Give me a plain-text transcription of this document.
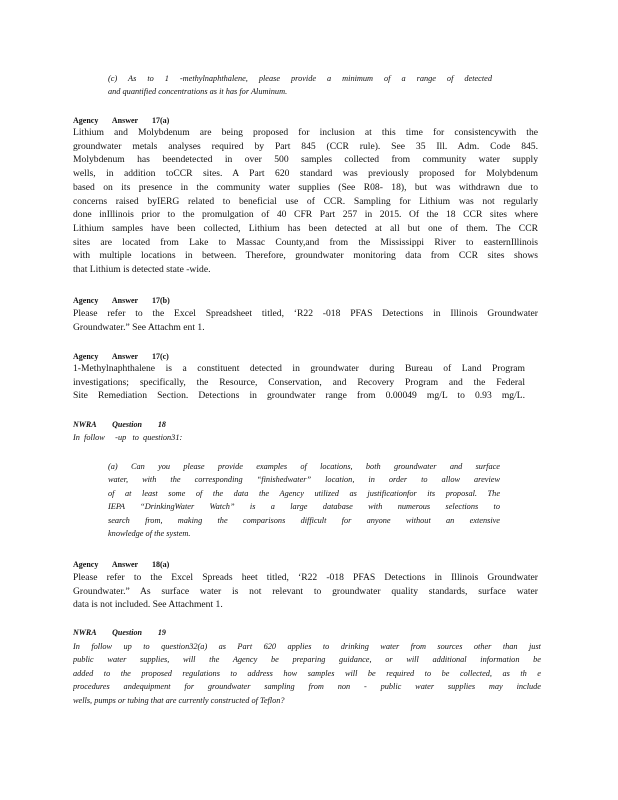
(c) As to 1 -methylnaphthalene, please provide a minimum of a range of detected
and quantified concentrations as it has for Aluminum.
Agency       Answer       17(a)
Lithium and Molybdenum are being proposed for inclusion at this time for consistencywith the
groundwater metals analyses required by Part 845 (CCR rule). See 35 Ill. Adm. Code 845.
Molybdenum has beendetected in over 500 samples collected from community water supply
wells, in addition toCCR sites. A Part 620 standard was previously proposed for Molybdenum
based on its presence in the community water supplies (See R08- 18), but was withdrawn due to
concerns raised byIERG related to beneficial use of CCR. Sampling for Lithium was not regularly
done inIllinois prior to the promulgation of 40 CFR Part 257 in 2015. Of the 18 CCR sites where
Lithium samples have been collected, Lithium has been detected at all but one of them. The CCR
sites are located from Lake to Massac County,and from the Mississippi River to easternIllinois
with multiple locations in between. Therefore, groundwater monitoring data from CCR sites shows
that Lithium is detected state -wide.
Agency       Answer       17(b)
Please refer to the Excel Spreadsheet titled, ‘R22 -018 PFAS Detections in Illinois Groundwater
Groundwater.” See Attachm ent 1.
Agency       Answer       17(c)
1-Methylnaphthalene is a constituent detected in groundwater during Bureau of Land Program
investigations; specifically, the Resource, Conservation, and Recovery Program and the Federal
Site Remediation Section. Detections in groundwater range from 0.00049 mg/L to 0.93 mg/L.
NWRA        Question        18
In  follow     -up   to  question31:
(a) Can you please provide examples of locations, both groundwater and surface
water, with the corresponding “finishedwater” location, in order to allow areview
of at least some of the data the Agency utilized as justificationfor its proposal. The
IEPA “DrinkingWater Watch” is a large database with numerous selections to
search from, making the comparisons difficult for anyone without an extensive
knowledge of the system.
Agency       Answer       18(a)
Please refer to the Excel Spreads heet titled, ‘R22 -018 PFAS Detections in Illinois Groundwater
Groundwater.” As surface water is not relevant to groundwater quality standards, surface water
data is not included. See Attachment 1.
NWRA        Question        19
In follow up to question32(a) as Part 620 applies to drinking water from sources other than just
public water supplies, will the Agency be preparing guidance, or will additional information be
added to the proposed regulations to address how samples will be required to be collected, as th e
procedures andequipment for groundwater sampling from non - public water supplies may include
wells, pumps or tubing that are currently constructed of Teflon?
